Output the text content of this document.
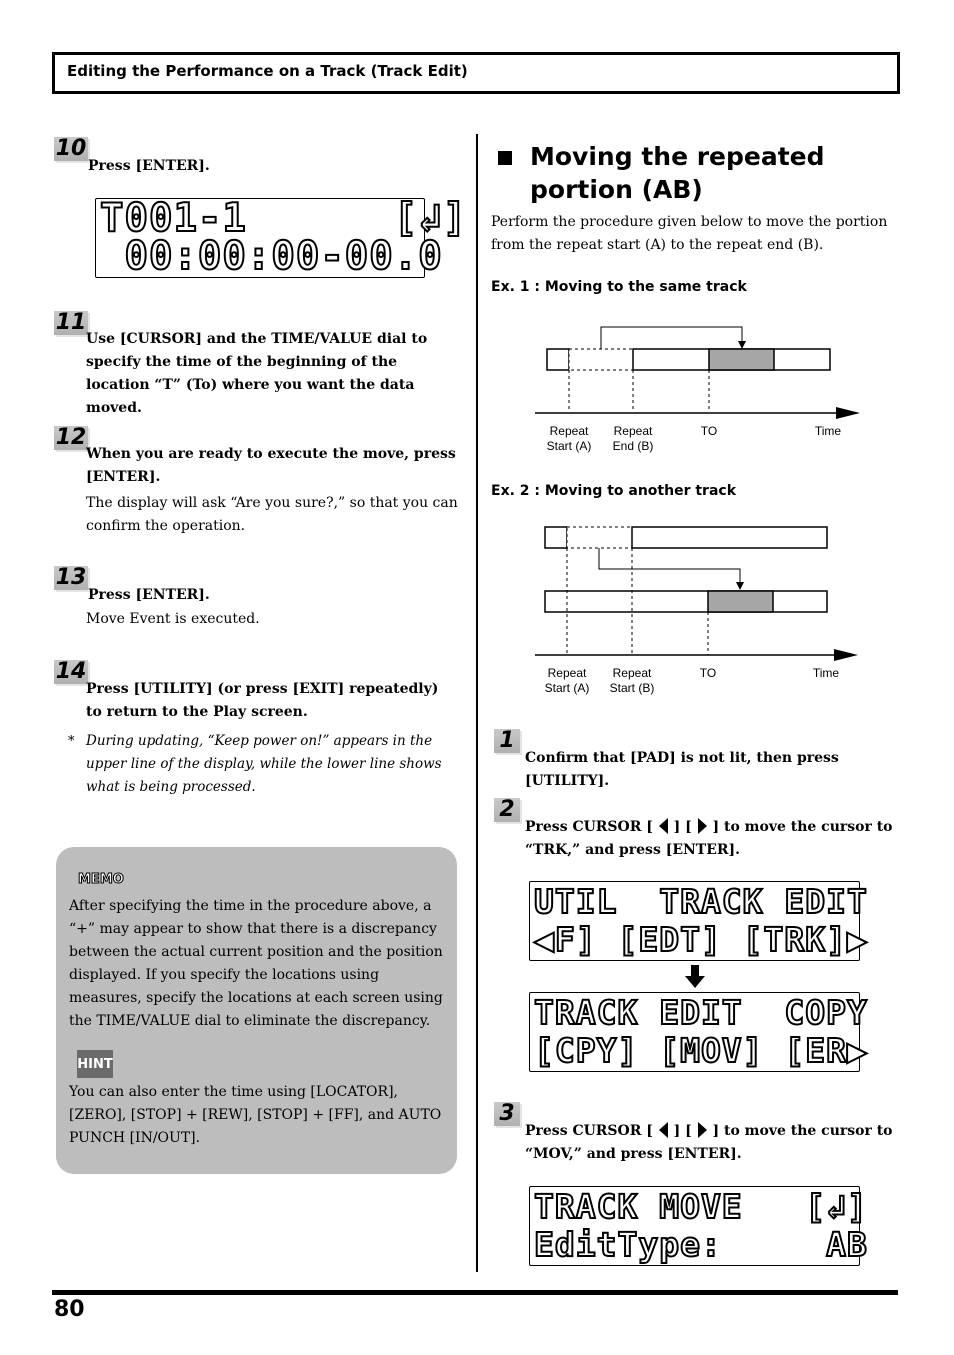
Editing the Performance on a Track (Track Edit)
10
Press [ENTER].
T001-1      [↲]
00:00:00-00.0
11
Use [CURSOR] and the TIME/VALUE dial to specify the time of the beginning of the location “T” (To) where you want the data moved.
12
When you are ready to execute the move, press [ENTER].
The display will ask “Are you sure?,” so that you can confirm the operation.
13
Press [ENTER].
Move Event is executed.
14
Press [UTILITY] (or press [EXIT] repeatedly) to return to the Play screen.
* During updating, “Keep power on!” appears in the upper line of the display, while the lower line shows what is being processed.
MEMO
After specifying the time in the procedure above, a “+” may appear to show that there is a discrepancy between the actual current position and the position displayed. If you specify the locations using measures, specify the locations at each screen using the TIME/VALUE dial to eliminate the discrepancy.
HINT
You can also enter the time using [LOCATOR], [ZERO], [STOP] + [REW], [STOP] + [FF], and AUTO PUNCH [IN/OUT].
Moving the repeated
portion (AB)
Perform the procedure given below to move the portion from the repeat start (A) to the repeat end (B).
Ex. 1 : Moving to the same track
Repeat
Start (A)
Repeat
End (B)
TO	Time
Ex. 2 : Moving to another track
Repeat
Start (A)
Repeat
Start (B)
TO	Time
1
Confirm that [PAD] is not lit, then press [UTILITY].
2
Press CURSOR [ ] [ ] to move the cursor to “TRK,” and press [ENTER].
UTIL  TRACK EDIT
◀F] [EDT] [TRK]▶
TRACK EDIT  COPY
[CPY] [MOV] [ER▶
3
Press CURSOR [ ] [ ] to move the cursor to “MOV,” and press [ENTER].
TRACK MOVE   [↲]
EditType:     AB
80
